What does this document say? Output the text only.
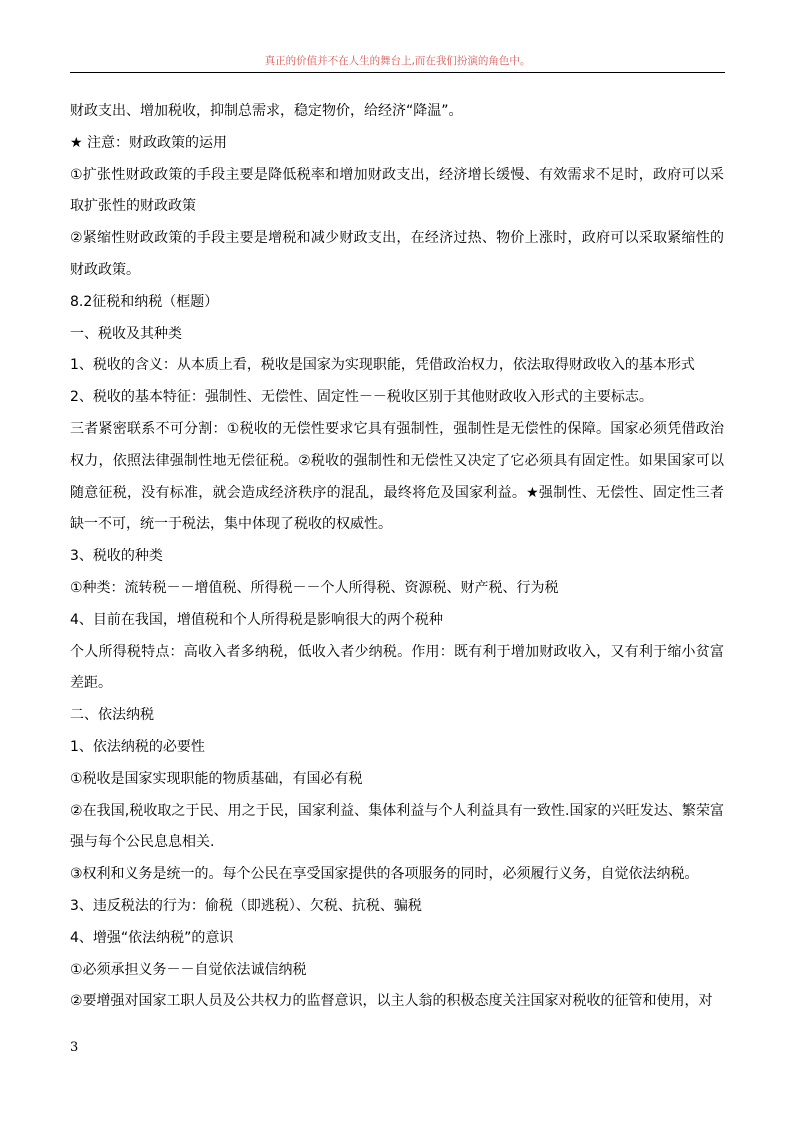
真正的价值并不在人生的舞台上,而在我们扮演的角色中。

财政支出、增加税收，抑制总需求，稳定物价，给经济“降温”。

★ 注意：财政政策的运用

①扩张性财政政策的手段主要是降低税率和增加财政支出，经济增长缓慢、有效需求不足时，政府可以采取扩张性的财政政策

②紧缩性财政政策的手段主要是增税和减少财政支出，在经济过热、物价上涨时，政府可以采取紧缩性的财政政策。

8.2征税和纳税（框题）

一、税收及其种类

1、税收的含义：从本质上看，税收是国家为实现职能，凭借政治权力，依法取得财政收入的基本形式

2、税收的基本特征：强制性、无偿性、固定性－－税收区别于其他财政收入形式的主要标志。

三者紧密联系不可分割：①税收的无偿性要求它具有强制性，强制性是无偿性的保障。国家必须凭借政治权力，依照法律强制性地无偿征税。②税收的强制性和无偿性又决定了它必须具有固定性。如果国家可以随意征税，没有标准，就会造成经济秩序的混乱，最终将危及国家利益。★强制性、无偿性、固定性三者缺一不可，统一于税法，集中体现了税收的权威性。

3、税收的种类

①种类：流转税－－增值税、所得税－－个人所得税、资源税、财产税、行为税

4、目前在我国，增值税和个人所得税是影响很大的两个税种

个人所得税特点：高收入者多纳税，低收入者少纳税。作用：既有利于增加财政收入，又有利于缩小贫富差距。

二、依法纳税

1、依法纳税的必要性

①税收是国家实现职能的物质基础，有国必有税

②在我国,税收取之于民、用之于民，国家利益、集体利益与个人利益具有一致性.国家的兴旺发达、繁荣富强与每个公民息息相关.

③权利和义务是统一的。每个公民在享受国家提供的各项服务的同时，必须履行义务，自觉依法纳税。

3、违反税法的行为：偷税（即逃税）、欠税、抗税、骗税

4、增强“依法纳税”的意识

①必须承担义务－－自觉依法诚信纳税

②要增强对国家工职人员及公共权力的监督意识，以主人翁的积极态度关注国家对税收的征管和使用，对

3
